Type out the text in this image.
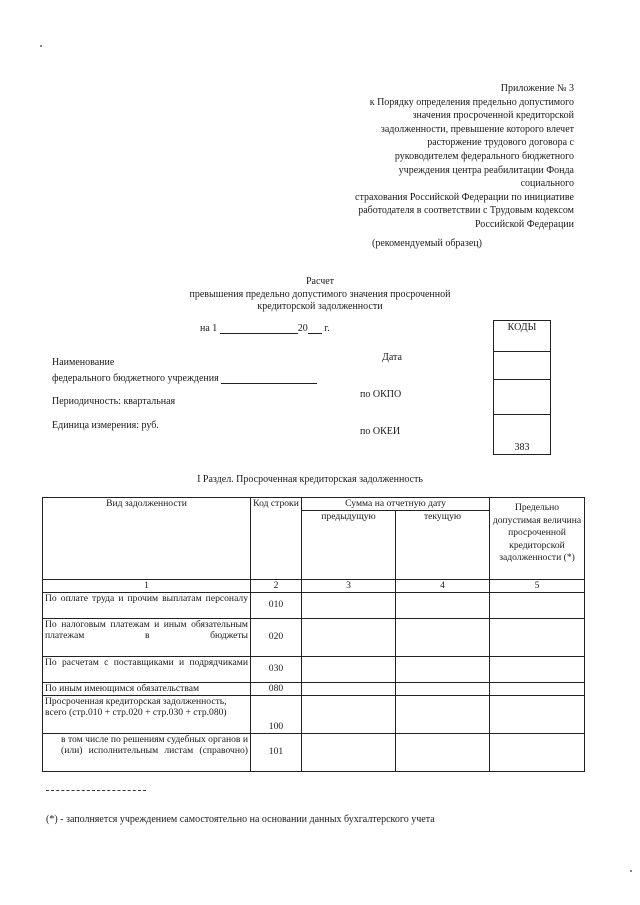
Приложение № 3
к Порядку определения предельно допустимого
значения просроченной кредиторской
задолженности, превышение которого влечет
расторжение трудового договора с
руководителем федерального бюджетного
учреждения центра реабилитации Фонда
социального
страхования Российской Федерации по инициативе
работодателя в соответствии с Трудовым кодексом
Российской Федерации
(рекомендуемый образец)
Расчет
превышения предельно допустимого значения просроченной
кредиторской задолженности
на 1	20 г.	КОДЫ
383
Дата
Наименование
федерального бюджетного учреждения
по ОКПО
Периодичность: квартальная
Единица измерения: руб.
по ОКЕИ
I Раздел. Просроченная кредиторская задолженность
Вид задолженности	Код строки	Сумма на отчетную дату		Предельно допустимая величина просроченной кредиторской задолженности (*)
		предыдущую	текущую	
1	2	3	4	5
По оплате труда и прочим выплатам персоналу	010			
По налоговым платежам и иным обязательным платежам в бюджеты	020			
По расчетам с поставщиками и подрядчиками	030			
По иным имеющимся обязательствам	080			
Просроченная кредиторская задолженность, всего (стр.010 + стр.020 + стр.030 + стр.080)	100			
в том числе по решениям судебных органов и (или) исполнительным листам (справочно)	101			
(*) - заполняется учреждением самостоятельно на основании данных бухгалтерского учета
